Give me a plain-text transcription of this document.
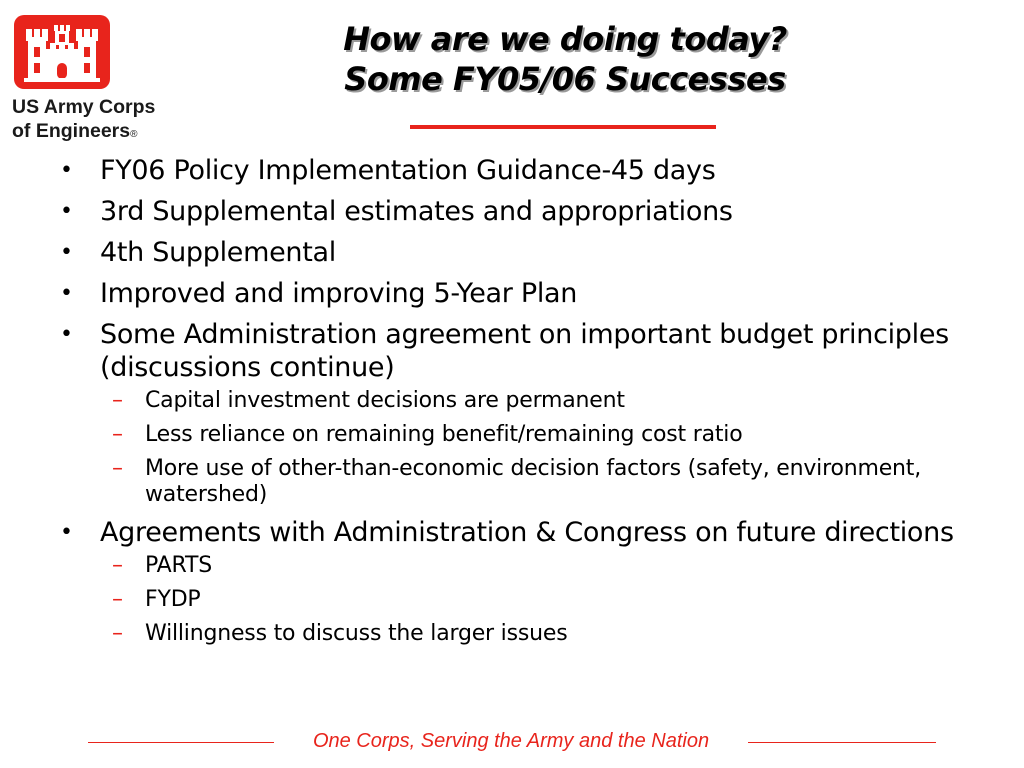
US Army Corps
of Engineers®
How are we doing today?
Some FY05/06 Successes
• FY06 Policy Implementation Guidance-45 days
• 3rd Supplemental estimates and appropriations
• 4th Supplemental
• Improved and improving 5-Year Plan
• Some Administration agreement on important budget principles (discussions continue)
– Capital investment decisions are permanent
– Less reliance on remaining benefit/remaining cost ratio
– More use of other-than-economic decision factors (safety, environment, watershed)
• Agreements with Administration & Congress on future directions
– PARTS
– FYDP
– Willingness to discuss the larger issues
One Corps, Serving the Army and the Nation
